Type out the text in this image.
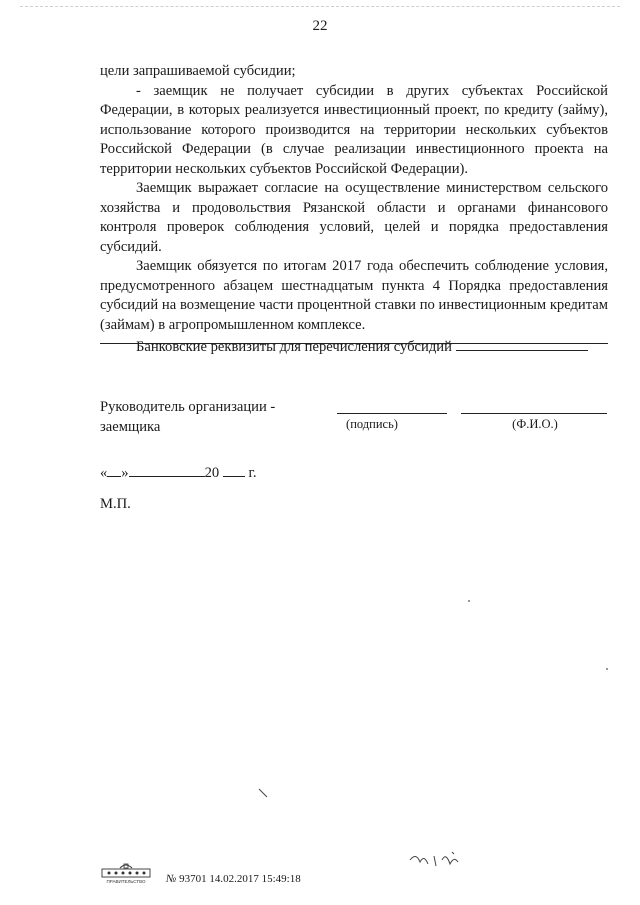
22

цели запрашиваемой субсидии;

- заемщик не получает субсидии в других субъектах Российской Федерации, в которых реализуется инвестиционный проект, по кредиту (займу), использование которого производится на территории нескольких субъектов Российской Федерации (в случае реализации инвестиционного проекта на территории нескольких субъектов Российской Федерации).

Заемщик выражает согласие на осуществление министерством сельского хозяйства и продовольствия Рязанской области и органами финансового контроля проверок соблюдения условий, целей и порядка предоставления субсидий.

Заемщик обязуется по итогам 2017 года обеспечить соблюдение условия, предусмотренного абзацем шестнадцатым пункта 4 Порядка предоставления субсидий на возмещение части процентной ставки по инвестиционным кредитам (займам) в агропромышленном комплексе.

Банковские реквизиты для перечисления субсидий

Руководитель организации -
заемщика	(подпись)	(Ф.И.О.)
« »	20 г.
М.П.
ПРАВИТЕЛЬСТВО № 93701 14.02.2017 15:49:18
